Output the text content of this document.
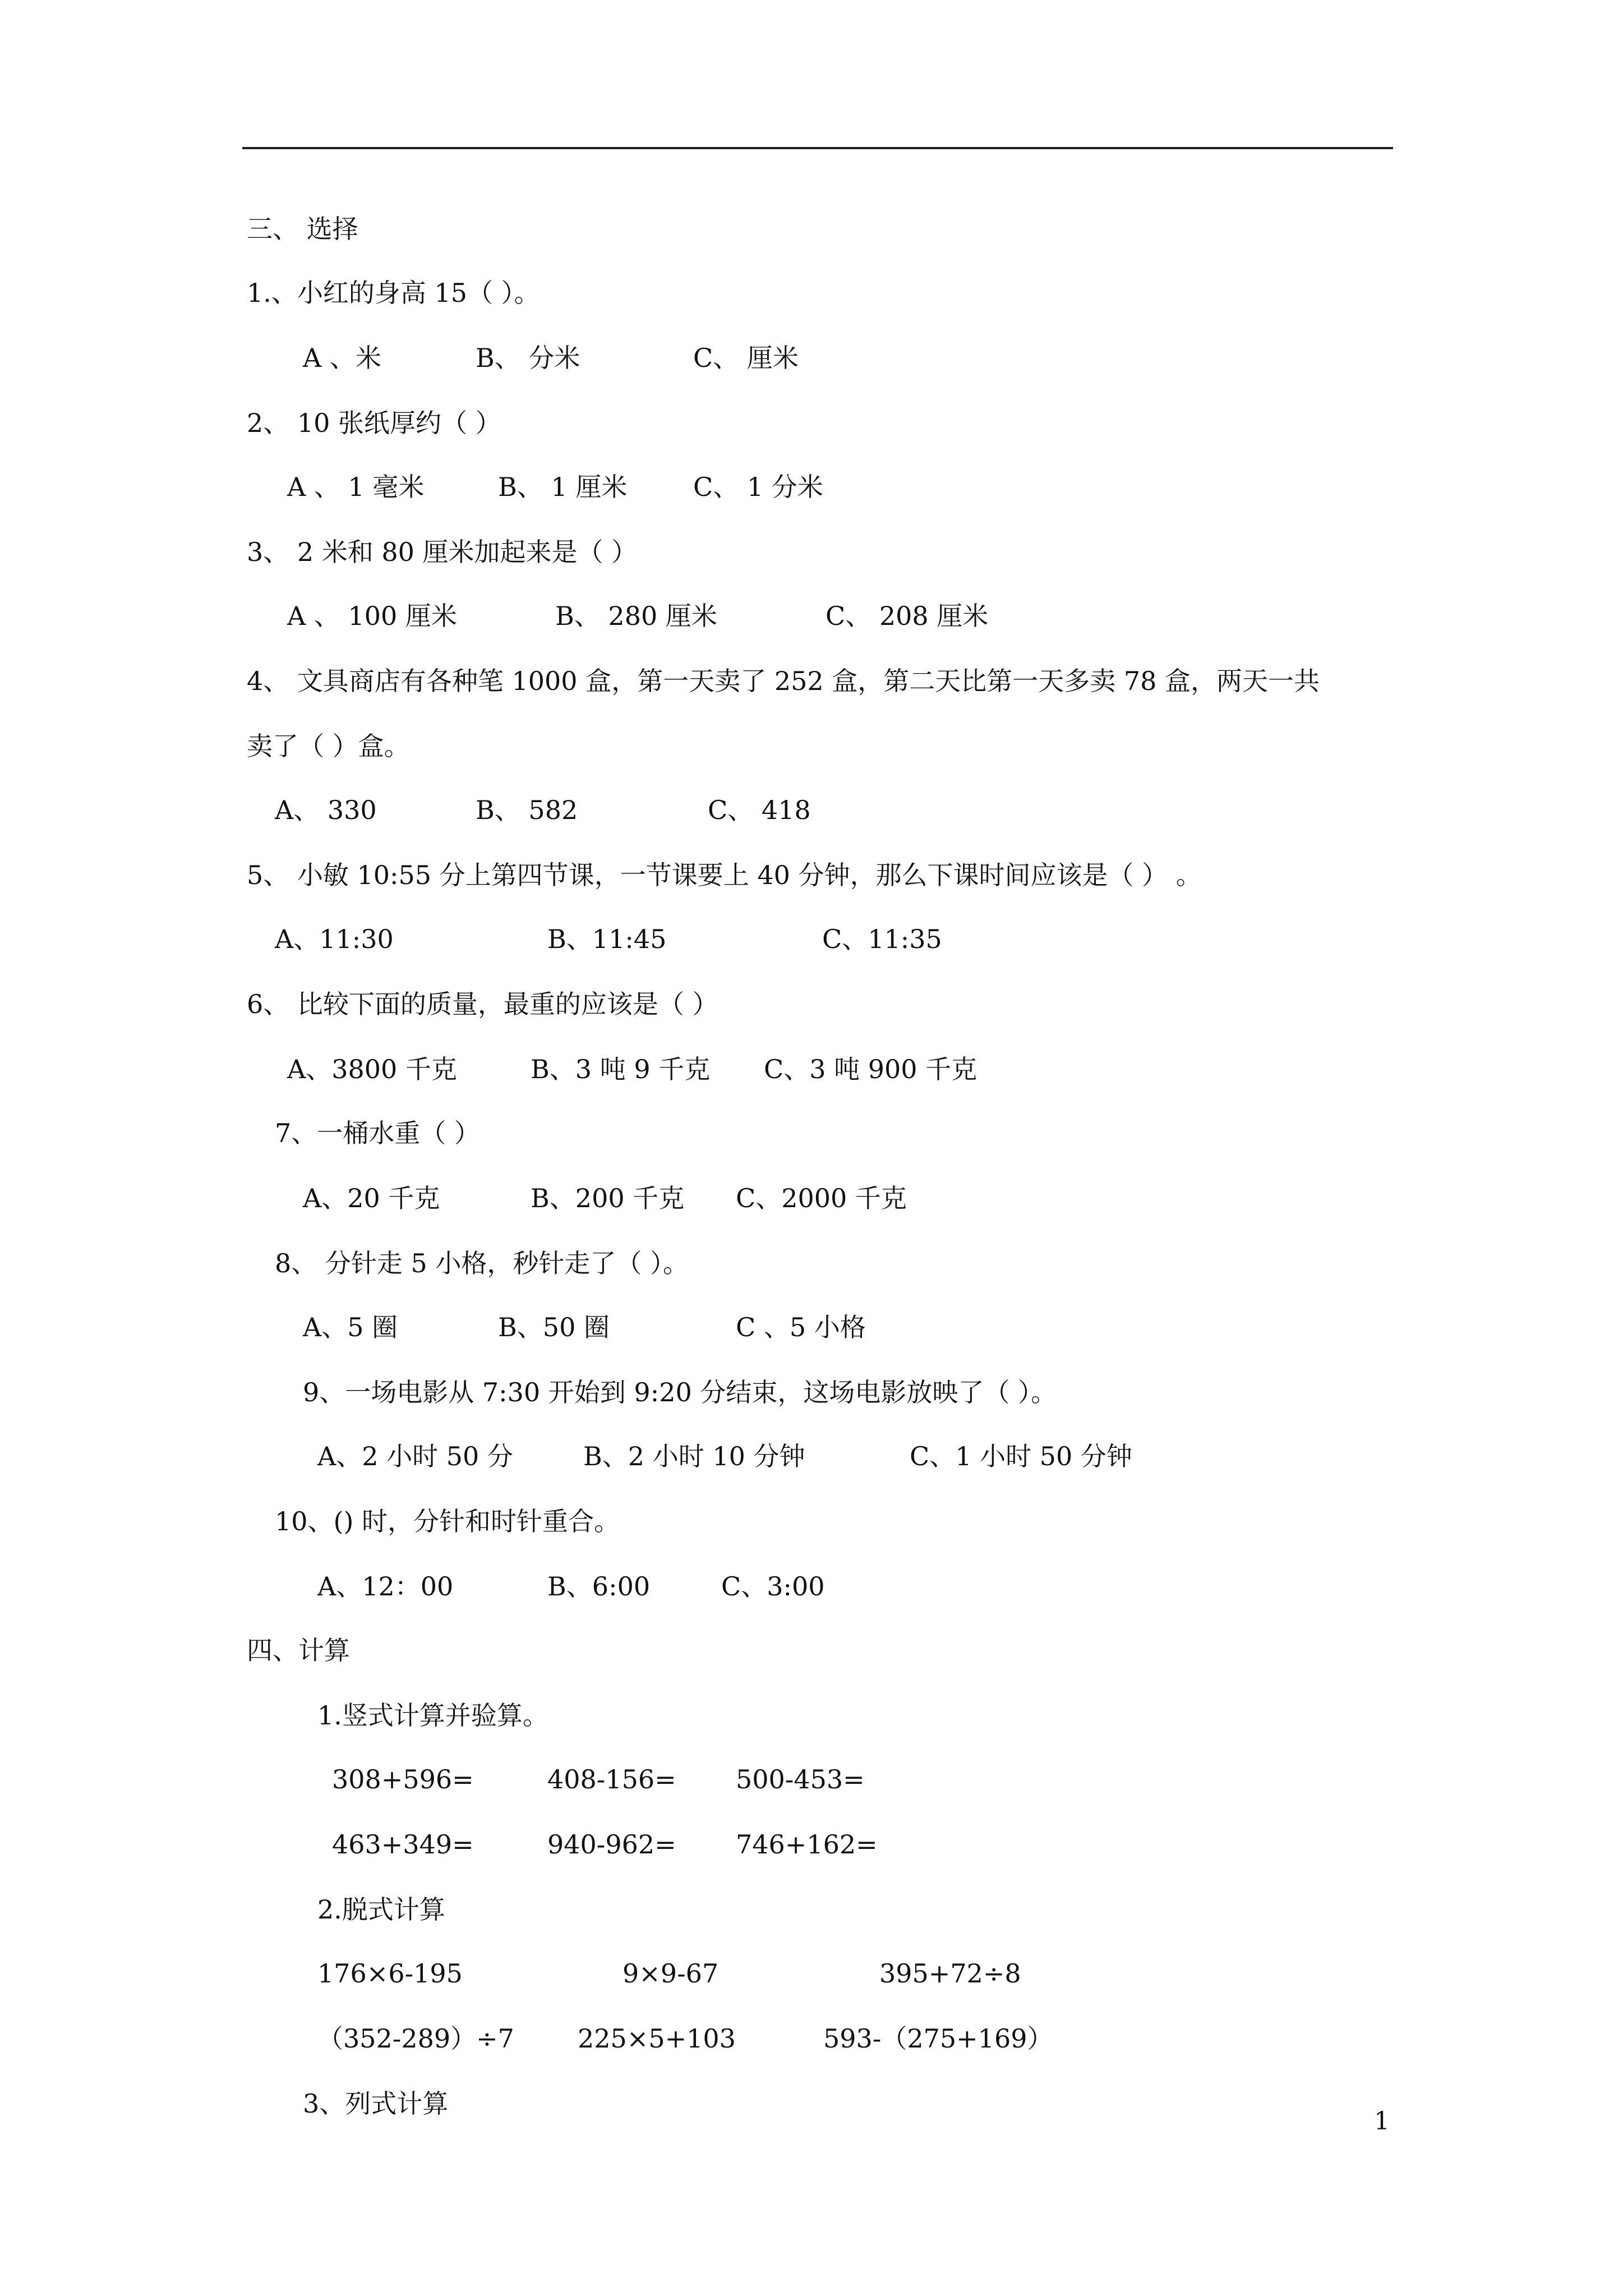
三、 选择
1.、小红的身高 15（ ）。
A 、米	B、 分米	C、 厘米
2、 10 张纸厚约（ ）
A 、 1 毫米	B、 1 厘米	C、 1 分米
3、 2 米和 80 厘米加起来是（ ）
A 、 100 厘米	B、 280 厘米	C、 208 厘米
4、 文具商店有各种笔 1000 盒，第一天卖了 252 盒，第二天比第一天多卖 78 盒，两天一共
卖了（ ）盒。
A、 330	B、 582	C、 418
5、 小敏 10:55 分上第四节课，一节课要上 40 分钟，那么下课时间应该是（ ） 。
A、11:30	B、11:45	C、11:35
6、 比较下面的质量，最重的应该是（ ）
A、3800 千克	B、3 吨 9 千克 C、3 吨 900 千克
7、一桶水重（ ）
A、20 千克	B、200 千克 C、2000 千克
8、 分针走 5 小格，秒针走了（ ）。
A、5 圈	B、50 圈	C 、5 小格
9、一场电影从 7:30 开始到 9:20 分结束，这场电影放映了（ ）。
A、2 小时 50 分	B、2 小时 10 分钟	C、1 小时 50 分钟
10、() 时，分针和时针重合。
A、12：00	B、6:00	C、3:00
四、计算
1.竖式计算并验算。
308+596=	408-156= 500-453=
463+349=	940-962= 746+162=
2.脱式计算
176×6-195	9×9-67	395+72÷8
（352-289）÷7 225×5+103	593-（275+169）
3、列式计算
1
